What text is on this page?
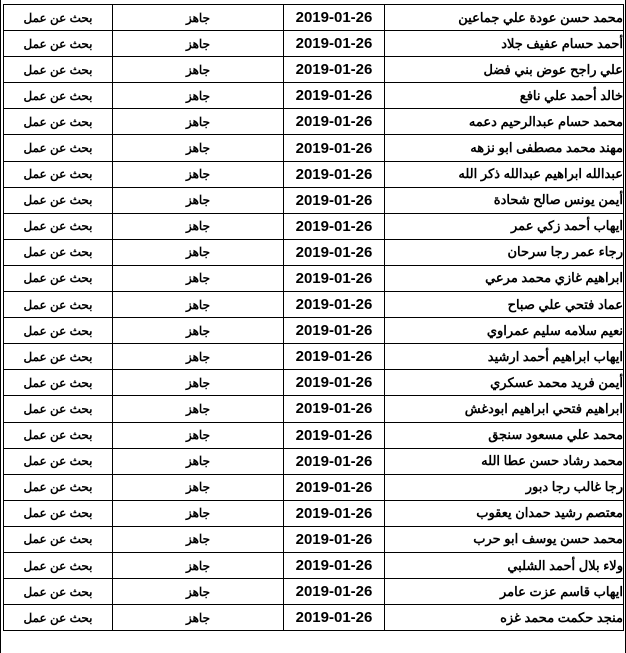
بحث عن عمل	جاهز	2019-01-26	محمد حسن عودة علي جماعين
بحث عن عمل	جاهز	2019-01-26	أحمد حسام عفيف جلاد
بحث عن عمل	جاهز	2019-01-26	علي راجح عوض بني فضل
بحث عن عمل	جاهز	2019-01-26	خالد أحمد علي نافع
بحث عن عمل	جاهز	2019-01-26	محمد حسام عبدالرحيم دعمه
بحث عن عمل	جاهز	2019-01-26	مهند محمد مصطفى ابو نزهه
بحث عن عمل	جاهز	2019-01-26	عبدالله ابراهيم عبدالله ذكر الله
بحث عن عمل	جاهز	2019-01-26	أيمن يونس صالح شحادة
بحث عن عمل	جاهز	2019-01-26	ايهاب أحمد زكي عمر
بحث عن عمل	جاهز	2019-01-26	رجاء عمر رجا سرحان
بحث عن عمل	جاهز	2019-01-26	ابراهيم غازي محمد مرعي
بحث عن عمل	جاهز	2019-01-26	عماد فتحي علي صباح
بحث عن عمل	جاهز	2019-01-26	نعيم سلامه سليم عمراوي
بحث عن عمل	جاهز	2019-01-26	ايهاب ابراهيم أحمد ارشيد
بحث عن عمل	جاهز	2019-01-26	أيمن فريد محمد عسكري
بحث عن عمل	جاهز	2019-01-26	ابراهيم فتحي ابراهيم ابودغش
بحث عن عمل	جاهز	2019-01-26	محمد علي مسعود سنجق
بحث عن عمل	جاهز	2019-01-26	محمد رشاد حسن عطا الله
بحث عن عمل	جاهز	2019-01-26	رجا غالب رجا دبور
بحث عن عمل	جاهز	2019-01-26	معتصم رشيد حمدان يعقوب
بحث عن عمل	جاهز	2019-01-26	محمد حسن يوسف ابو حرب
بحث عن عمل	جاهز	2019-01-26	ولاء بلال أحمد الشلبي
بحث عن عمل	جاهز	2019-01-26	ايهاب قاسم عزت عامر
بحث عن عمل	جاهز	2019-01-26	منجد حكمت محمد غزه
